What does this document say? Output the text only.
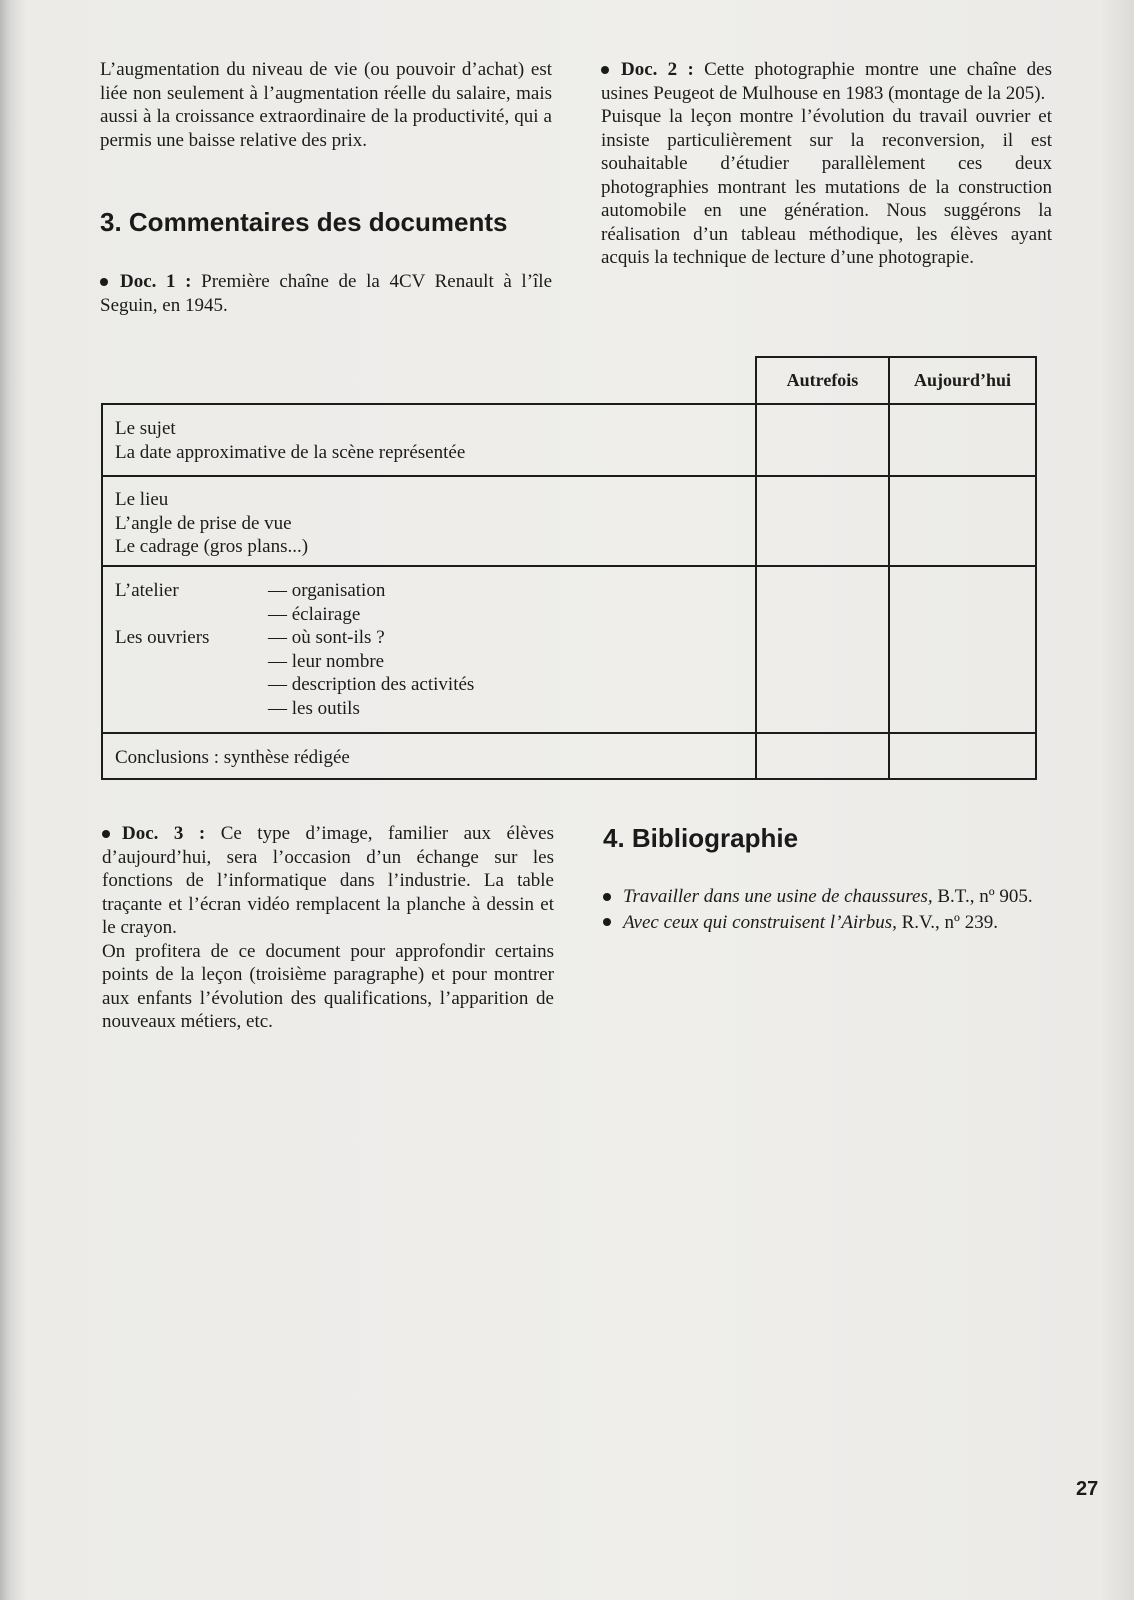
L’augmentation du niveau de vie (ou pouvoir d’achat) est liée non seulement à l’augmentation réelle du salaire, mais aussi à la croissance extraordinaire de la productivité, qui a permis une baisse relative des prix.

3. Commentaires des documents

Doc. 1 : Première chaîne de la 4CV Renault à l’île Seguin, en 1945.

Doc. 2 : Cette photographie montre une chaîne des usines Peugeot de Mulhouse en 1983 (montage de la 205).

Puisque la leçon montre l’évolution du travail ouvrier et insiste particulièrement sur la reconversion, il est souhaitable d’étudier parallèlement ces deux photographies montrant les mutations de la construction automobile en une génération. Nous suggérons la réalisation d’un tableau méthodique, les élèves ayant acquis la technique de lecture d’une photograpie.

Autrefois	Aujourd’hui
Le sujet
La date approximative de la scène représentée
Le lieu
L’angle de prise de vue
Le cadrage (gros plans...)
L’atelier
Les ouvriers
— organisation
— éclairage
— où sont-ils ?
— leur nombre
— description des activités
— les outils
Conclusions : synthèse rédigée

Doc. 3 : Ce type d’image, familier aux élèves d’aujourd’hui, sera l’occasion d’un échange sur les fonctions de l’informatique dans l’industrie. La table traçante et l’écran vidéo remplacent la planche à dessin et le crayon.

On profitera de ce document pour approfondir certains points de la leçon (troisième paragraphe) et pour montrer aux enfants l’évolution des qualifications, l’apparition de nouveaux métiers, etc.

4. Bibliographie

Travailler dans une usine de chaussures, B.T., nº 905.

Avec ceux qui construisent l’Airbus, R.V., nº 239.

27
